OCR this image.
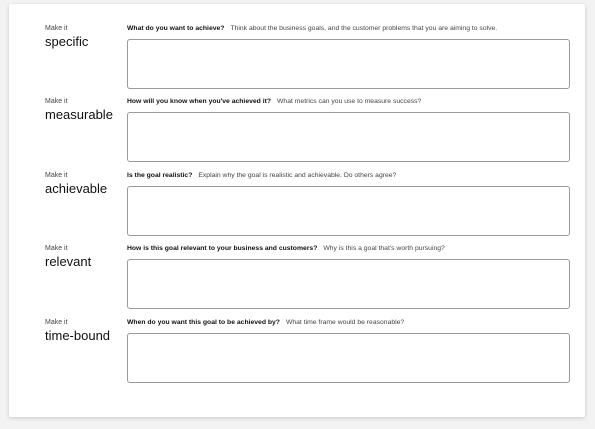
Make it
specific
What do you want to achieve? Think about the business goals, and the customer problems that you are aiming to solve.
Make it
measurable
How will you know when you've achieved it? What metrics can you use to measure success?
Make it
achievable
Is the goal realistic? Explain why the goal is realistic and achievable. Do others agree?
Make it
relevant
How is this goal relevant to your business and customers? Why is this a goal that's worth pursuing?
Make it
time-bound
When do you want this goal to be achieved by? What time frame would be reasonable?
